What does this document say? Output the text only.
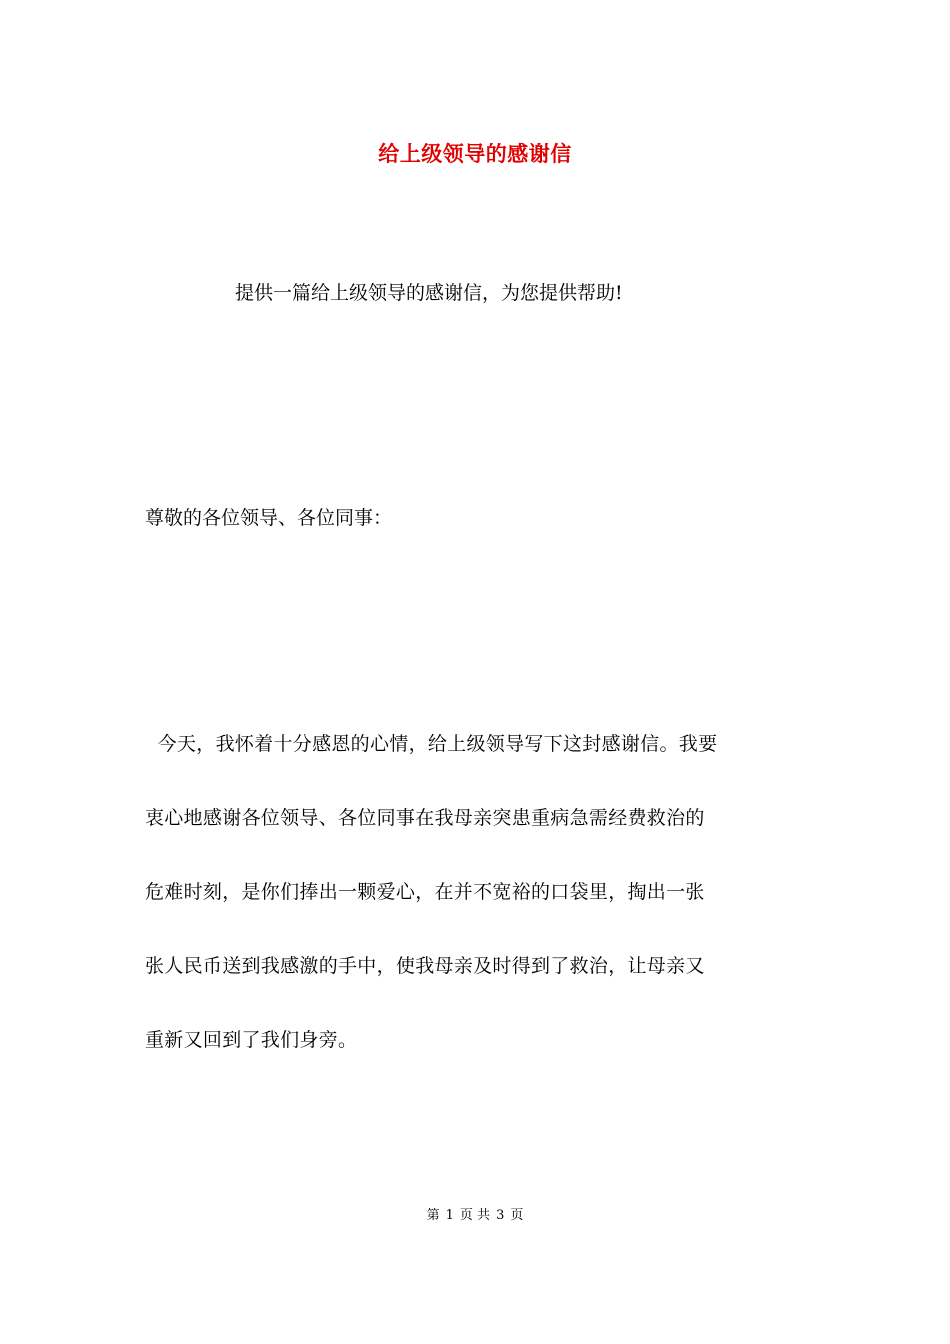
给上级领导的感谢信
提供一篇给上级领导的感谢信，为您提供帮助!
尊敬的各位领导、各位同事：
今天，我怀着十分感恩的心情，给上级领导写下这封感谢信。我要
衷心地感谢各位领导、各位同事在我母亲突患重病急需经费救治的
危难时刻，是你们捧出一颗爱心，在并不宽裕的口袋里，掏出一张
张人民币送到我感激的手中，使我母亲及时得到了救治，让母亲又
重新又回到了我们身旁。
第 1 页 共 3 页
